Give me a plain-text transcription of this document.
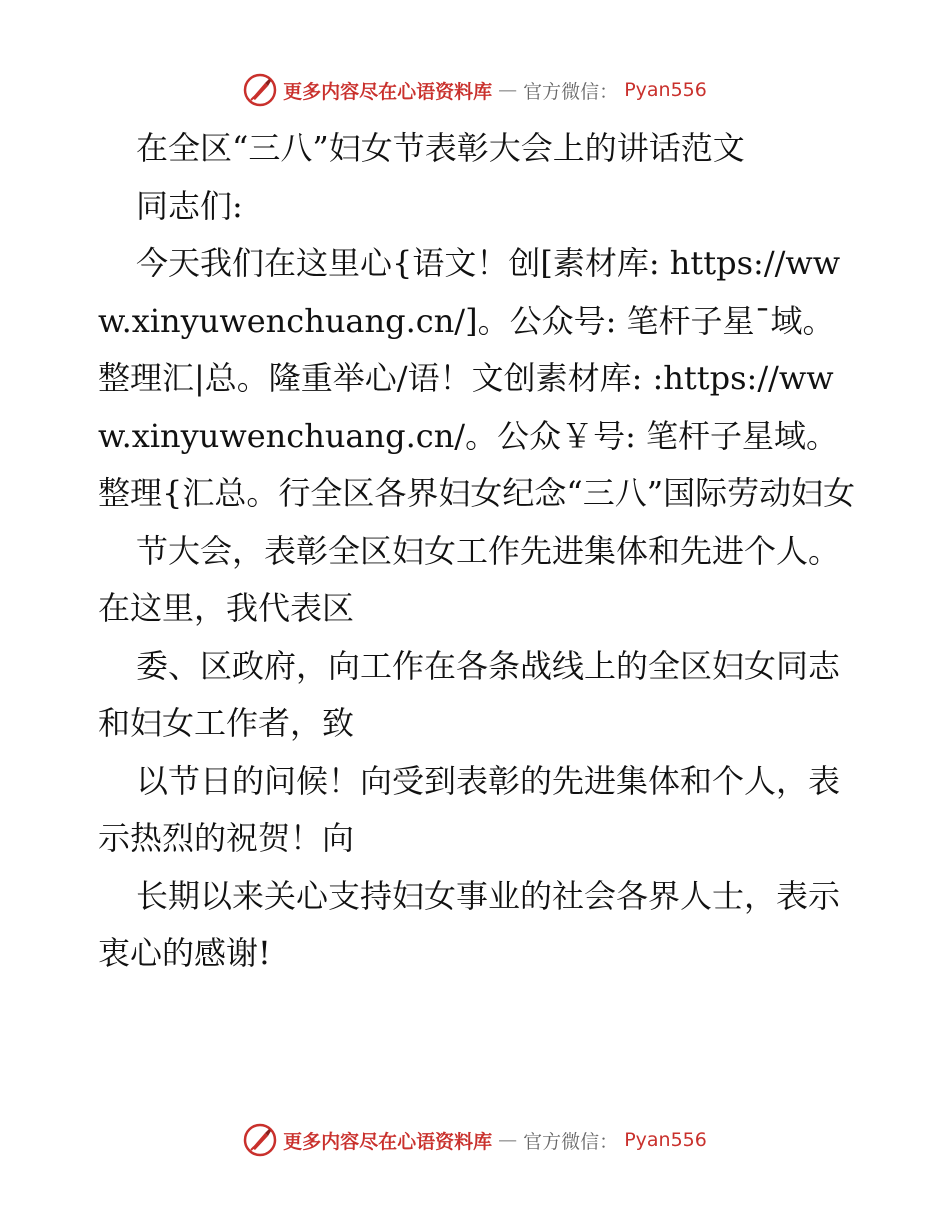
更多内容尽在心语资料库 — 官方微信： Pyan556

在全区“三八”妇女节表彰大会上的讲话范文

同志们:

今天我们在这里心{语文！创[素材库: https://www.xinyuwenchuang.cn/]。公众号: 笔杆子星¯域。整理汇|总。隆重举心/语！文创素材库: :https://www.xinyuwenchuang.cn/。公众￥号: 笔杆子星域。整理{汇总。行全区各界妇女纪念“三八”国际劳动妇女

节大会，表彰全区妇女工作先进集体和先进个人。在这里，我代表区

委、区政府，向工作在各条战线上的全区妇女同志和妇女工作者，致

以节日的问候！向受到表彰的先进集体和个人，表示热烈的祝贺！向

长期以来关心支持妇女事业的社会各界人士，表示衷心的感谢!

更多内容尽在心语资料库 — 官方微信： Pyan556
